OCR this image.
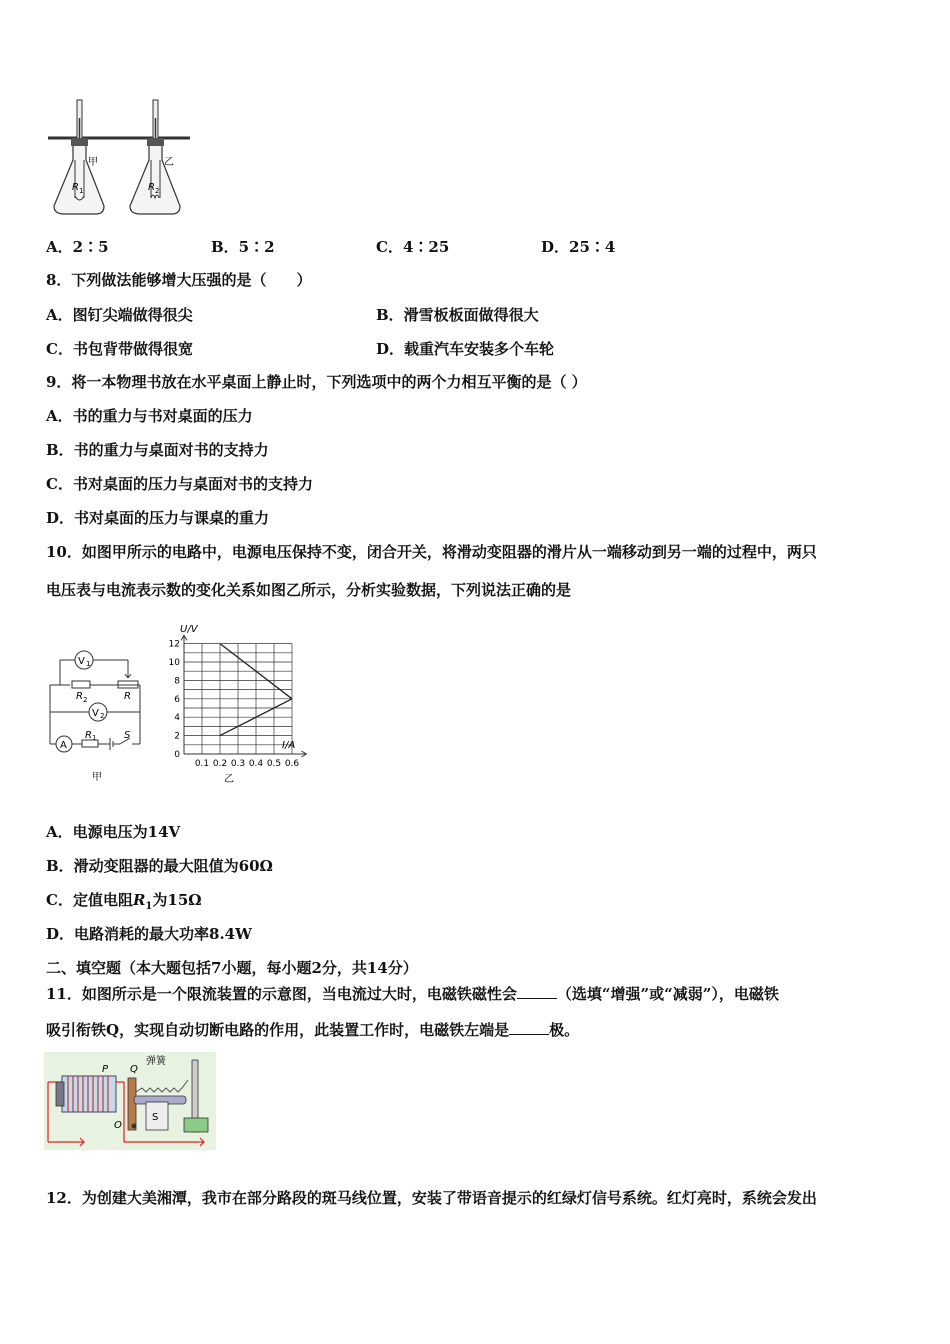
甲
R 1
乙
R 2
A．2∶5	B．5∶2	C．4∶25	D．25∶4
8．下列做法能够增大压强的是（　　）
A．图钉尖端做得很尖	B．滑雪板板面做得很大
C．书包背带做得很宽	D．载重汽车安装多个车轮
9．将一本物理书放在水平桌面上静止时，下列选项中的两个力相互平衡的是（ ）
A．书的重力与书对桌面的压力
B．书的重力与桌面对书的支持力
C．书对桌面的压力与桌面对书的支持力
D．书对桌面的压力与课桌的重力
10．如图甲所示的电路中，电源电压保持不变，闭合开关，将滑动变阻器的滑片从一端移动到另一端的过程中，两只
电压表与电流表示数的变化关系如图乙所示，分析实验数据，下列说法正确的是
V 1
R 2	R
V 2
A
R 1	S
甲
0
2
4
6
8
10
12
0.1 0.2 0.3 0.4 0.5 0.6
U/V
I/A
乙
A．电源电压为14V
B．滑动变阻器的最大阻值为60Ω
C．定值电阻$R_1$为15Ω
D．电路消耗的最大功率8.4W
二、填空题（本大题包括7小题，每小题2分，共14分）
11．如图所示是一个限流装置的示意图，当电流过大时，电磁铁磁性会	（选填“增强”或“减弱”），电磁铁
吸引衔铁Q，实现自动切断电路的作用，此装置工作时，电磁铁左端是	极。
P Q
弹簧
O
S
12．为创建大美湘潭，我市在部分路段的斑马线位置，安装了带语音提示的红绿灯信号系统。红灯亮时，系统会发出
